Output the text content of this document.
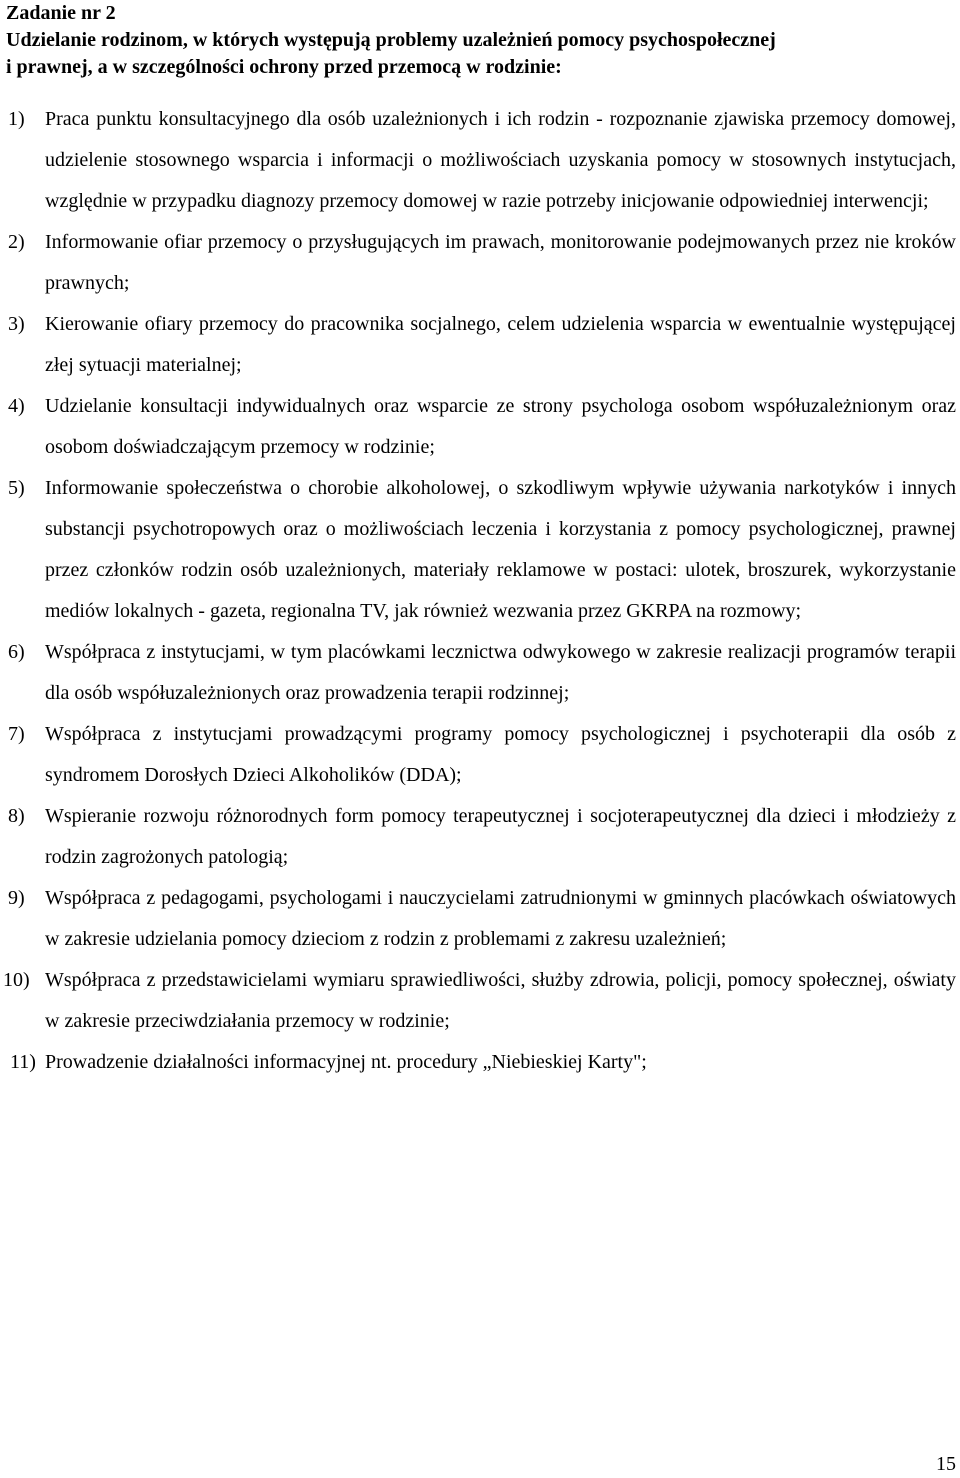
Zadanie nr 2
Udzielanie rodzinom, w których występują problemy uzależnień pomocy psychospołecznej
i prawnej, a w szczególności ochrony przed przemocą w rodzinie:
1) Praca punktu konsultacyjnego dla osób uzależnionych i ich rodzin - rozpoznanie zjawiska przemocy domowej, udzielenie stosownego wsparcia i informacji o możliwościach uzyskania pomocy w stosownych instytucjach, względnie w przypadku diagnozy przemocy domowej w razie potrzeby inicjowanie odpowiedniej interwencji;
2) Informowanie ofiar przemocy o przysługujących im prawach, monitorowanie podejmowanych przez nie kroków prawnych;
3) Kierowanie ofiary przemocy do pracownika socjalnego, celem udzielenia wsparcia w ewentualnie występującej złej sytuacji materialnej;
4) Udzielanie konsultacji indywidualnych oraz wsparcie ze strony psychologa osobom współuzależnionym oraz osobom doświadczającym przemocy w rodzinie;
5) Informowanie społeczeństwa o chorobie alkoholowej, o szkodliwym wpływie używania narkotyków i innych substancji psychotropowych oraz o możliwościach leczenia i korzystania z pomocy psychologicznej, prawnej przez członków rodzin osób uzależnionych, materiały reklamowe w postaci: ulotek, broszurek, wykorzystanie mediów lokalnych - gazeta, regionalna TV, jak również wezwania przez GKRPA na rozmowy;
6) Współpraca z instytucjami, w tym placówkami lecznictwa odwykowego w zakresie realizacji programów terapii dla osób współuzależnionych oraz prowadzenia terapii rodzinnej;
7) Współpraca z instytucjami prowadzącymi programy pomocy psychologicznej i psychoterapii dla osób z syndromem Dorosłych Dzieci Alkoholików (DDA);
8) Wspieranie rozwoju różnorodnych form pomocy terapeutycznej i socjoterapeutycznej dla dzieci i młodzieży z rodzin zagrożonych patologią;
9) Współpraca z pedagogami, psychologami i nauczycielami zatrudnionymi w gminnych placówkach oświatowych w zakresie udzielania pomocy dzieciom z rodzin z problemami z zakresu uzależnień;
10) Współpraca z przedstawicielami wymiaru sprawiedliwości, służby zdrowia, policji, pomocy społecznej, oświaty w zakresie przeciwdziałania przemocy w rodzinie;
11) Prowadzenie działalności informacyjnej nt. procedury „Niebieskiej Karty";
15
